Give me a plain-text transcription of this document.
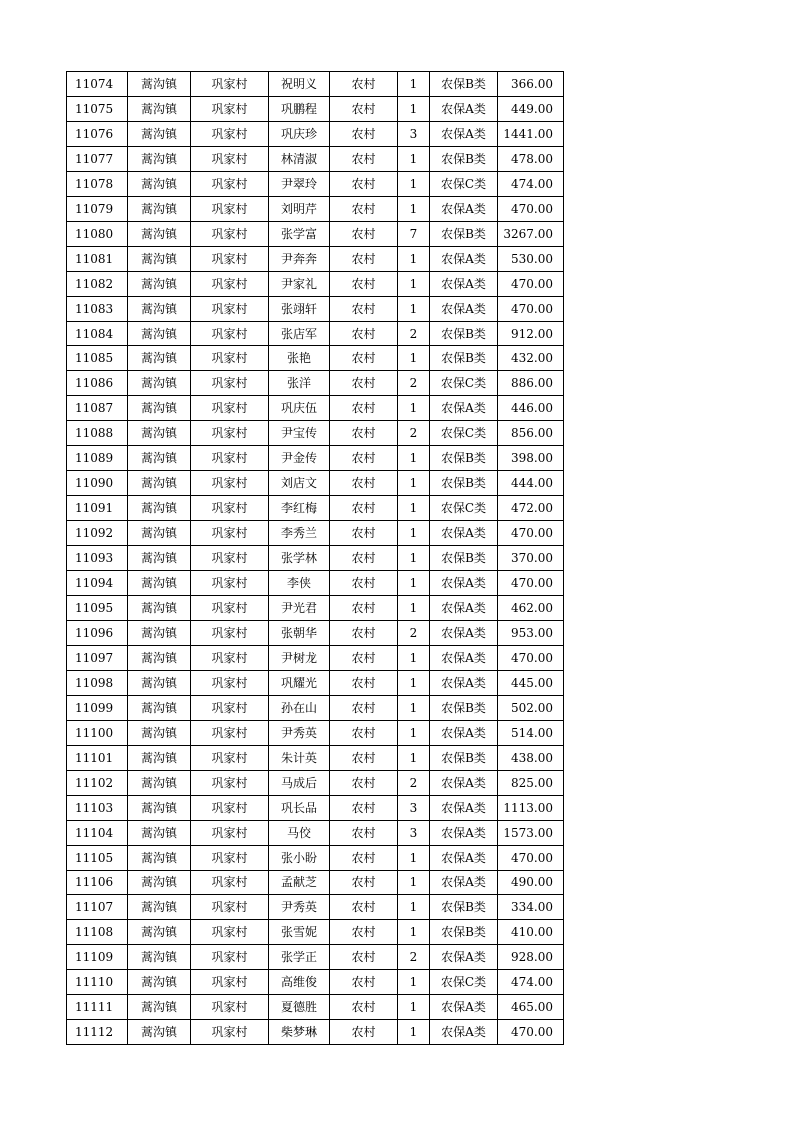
11074	蒿沟镇	巩家村	祝明义	农村	1	农保B类	366.00
11075	蒿沟镇	巩家村	巩鹏程	农村	1	农保A类	449.00
11076	蒿沟镇	巩家村	巩庆珍	农村	3	农保A类	1441.00
11077	蒿沟镇	巩家村	林清淑	农村	1	农保B类	478.00
11078	蒿沟镇	巩家村	尹翠玲	农村	1	农保C类	474.00
11079	蒿沟镇	巩家村	刘明芹	农村	1	农保A类	470.00
11080	蒿沟镇	巩家村	张学富	农村	7	农保B类	3267.00
11081	蒿沟镇	巩家村	尹奔奔	农村	1	农保A类	530.00
11082	蒿沟镇	巩家村	尹家礼	农村	1	农保A类	470.00
11083	蒿沟镇	巩家村	张翊轩	农村	1	农保A类	470.00
11084	蒿沟镇	巩家村	张店军	农村	2	农保B类	912.00
11085	蒿沟镇	巩家村	张艳	农村	1	农保B类	432.00
11086	蒿沟镇	巩家村	张洋	农村	2	农保C类	886.00
11087	蒿沟镇	巩家村	巩庆伍	农村	1	农保A类	446.00
11088	蒿沟镇	巩家村	尹宝传	农村	2	农保C类	856.00
11089	蒿沟镇	巩家村	尹金传	农村	1	农保B类	398.00
11090	蒿沟镇	巩家村	刘店文	农村	1	农保B类	444.00
11091	蒿沟镇	巩家村	李红梅	农村	1	农保C类	472.00
11092	蒿沟镇	巩家村	李秀兰	农村	1	农保A类	470.00
11093	蒿沟镇	巩家村	张学林	农村	1	农保B类	370.00
11094	蒿沟镇	巩家村	李侠	农村	1	农保A类	470.00
11095	蒿沟镇	巩家村	尹光君	农村	1	农保A类	462.00
11096	蒿沟镇	巩家村	张朝华	农村	2	农保A类	953.00
11097	蒿沟镇	巩家村	尹树龙	农村	1	农保A类	470.00
11098	蒿沟镇	巩家村	巩耀光	农村	1	农保A类	445.00
11099	蒿沟镇	巩家村	孙在山	农村	1	农保B类	502.00
11100	蒿沟镇	巩家村	尹秀英	农村	1	农保A类	514.00
11101	蒿沟镇	巩家村	朱计英	农村	1	农保B类	438.00
11102	蒿沟镇	巩家村	马成后	农村	2	农保A类	825.00
11103	蒿沟镇	巩家村	巩长品	农村	3	农保A类	1113.00
11104	蒿沟镇	巩家村	马佼	农村	3	农保A类	1573.00
11105	蒿沟镇	巩家村	张小盼	农村	1	农保A类	470.00
11106	蒿沟镇	巩家村	孟献芝	农村	1	农保A类	490.00
11107	蒿沟镇	巩家村	尹秀英	农村	1	农保B类	334.00
11108	蒿沟镇	巩家村	张雪妮	农村	1	农保B类	410.00
11109	蒿沟镇	巩家村	张学正	农村	2	农保A类	928.00
11110	蒿沟镇	巩家村	高维俊	农村	1	农保C类	474.00
11111	蒿沟镇	巩家村	夏德胜	农村	1	农保A类	465.00
11112	蒿沟镇	巩家村	柴梦琳	农村	1	农保A类	470.00
